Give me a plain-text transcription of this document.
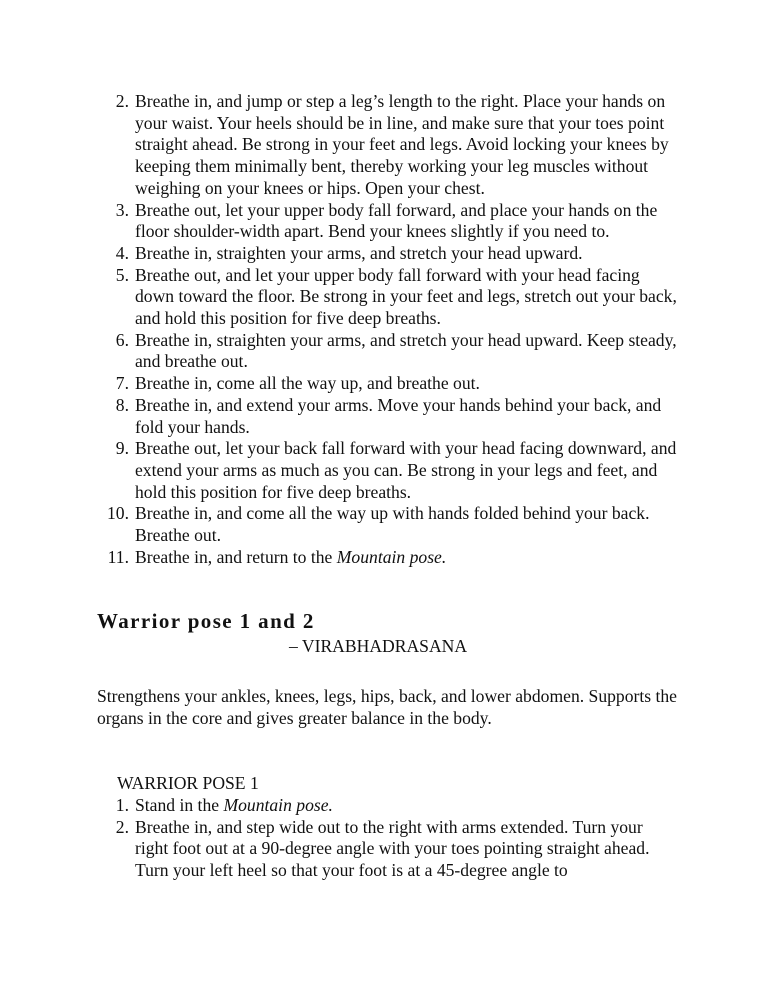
2. Breathe in, and jump or step a leg’s length to the right. Place your hands on your waist. Your heels should be in line, and make sure that your toes point straight ahead. Be strong in your feet and legs. Avoid locking your knees by keeping them minimally bent, thereby working your leg muscles without weighing on your knees or hips. Open your chest.
3. Breathe out, let your upper body fall forward, and place your hands on the floor shoulder-width apart. Bend your knees slightly if you need to.
4. Breathe in, straighten your arms, and stretch your head upward.
5. Breathe out, and let your upper body fall forward with your head facing down toward the floor. Be strong in your feet and legs, stretch out your back, and hold this position for five deep breaths.
6. Breathe in, straighten your arms, and stretch your head upward. Keep steady, and breathe out.
7. Breathe in, come all the way up, and breathe out.
8. Breathe in, and extend your arms. Move your hands behind your back, and fold your hands.
9. Breathe out, let your back fall forward with your head facing downward, and extend your arms as much as you can. Be strong in your legs and feet, and hold this position for five deep breaths.
10. Breathe in, and come all the way up with hands folded behind your back. Breathe out.
11. Breathe in, and return to the Mountain pose.
Warrior pose 1 and 2
– VIRABHADRASANA
Strengthens your ankles, knees, legs, hips, back, and lower abdomen. Supports the organs in the core and gives greater balance in the body.
WARRIOR POSE 1
1. Stand in the Mountain pose.
2. Breathe in, and step wide out to the right with arms extended. Turn your right foot out at a 90-degree angle with your toes pointing straight ahead. Turn your left heel so that your foot is at a 45-degree angle to
